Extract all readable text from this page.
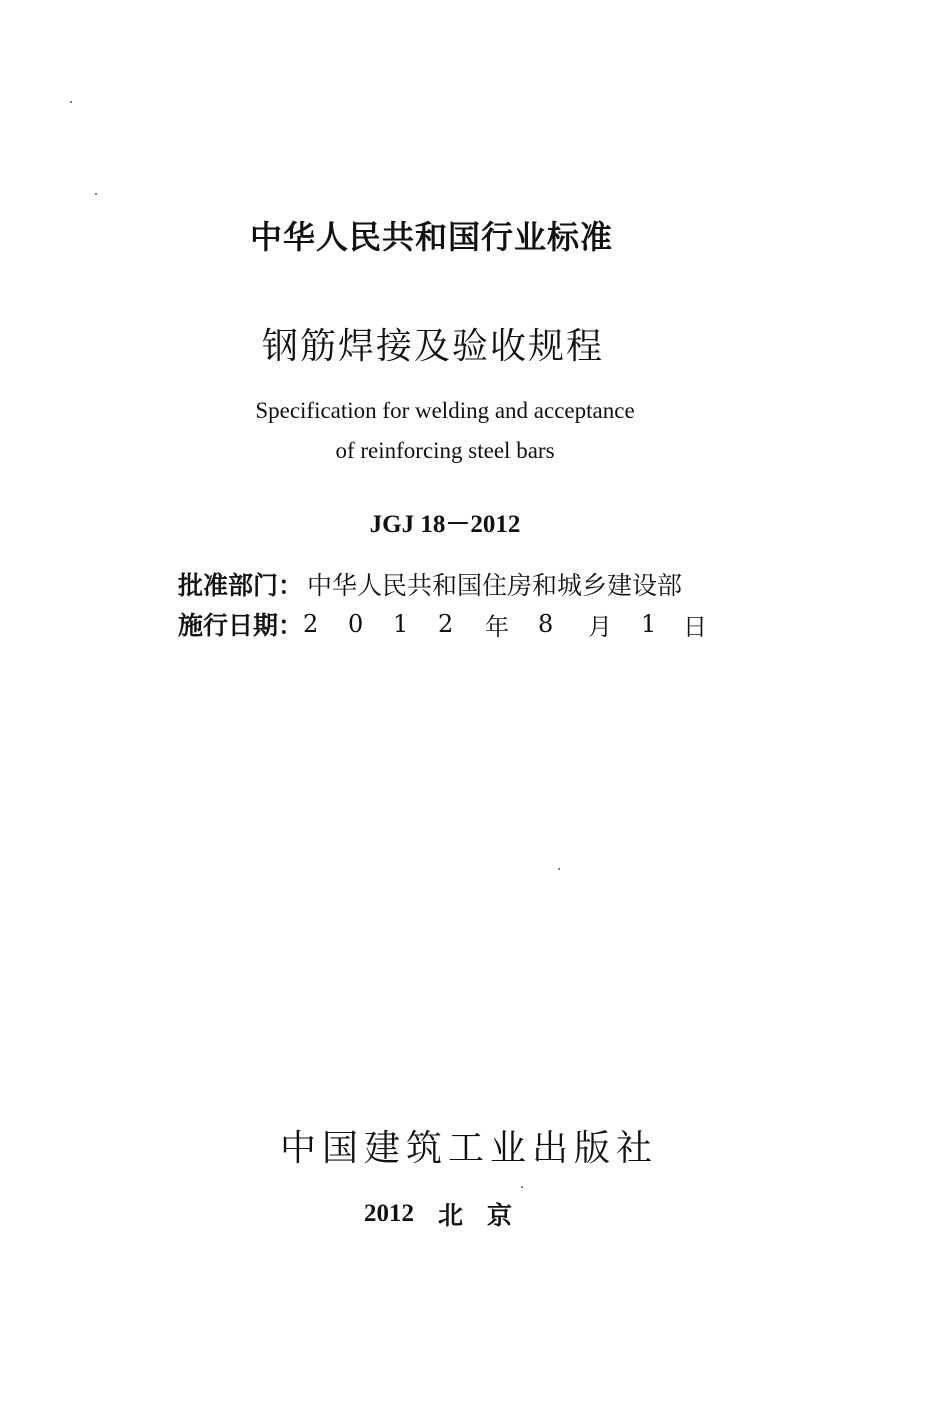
中华人民共和国行业标准
钢筋焊接及验收规程
Specification for welding and acceptance
of reinforcing steel bars
JGJ 18－2012
批准部门： 中华人民共和国住房和城乡建设部
施行日期： 2	0	1	2	年	8	月	1	日
中国建筑工业出版社
2012 北京
